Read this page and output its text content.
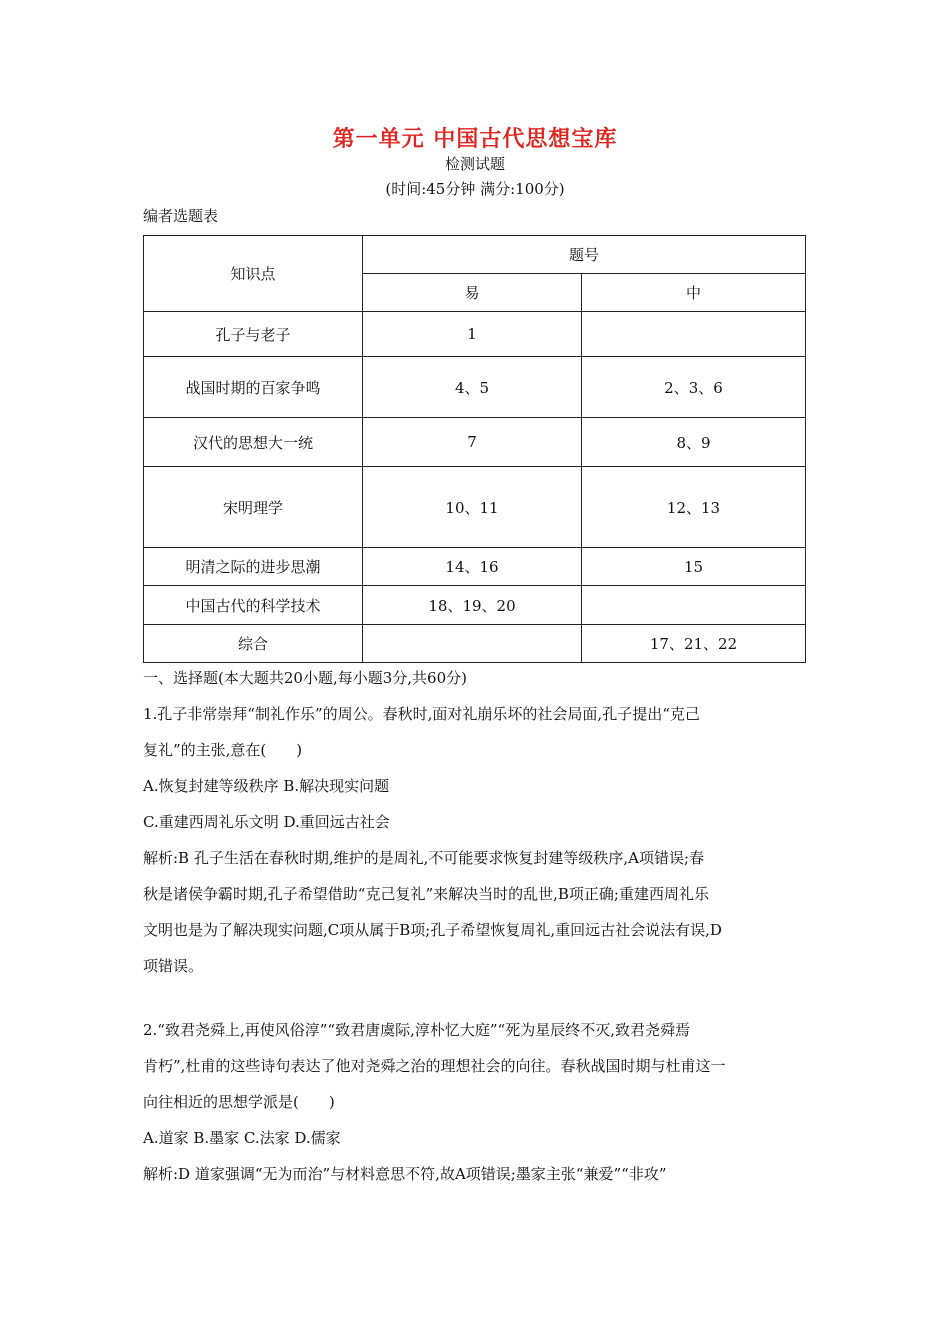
第一单元 中国古代思想宝库
检测试题
(时间:45分钟 满分:100分)
编者选题表
知识点	题号	
	易	中
孔子与老子	1	
战国时期的百家争鸣	4、5	2、3、6
汉代的思想大一统	7	8、9
宋明理学	10、11	12、13
明清之际的进步思潮	14、16	15
中国古代的科学技术	18、19、20	
综合		17、21、22
一、选择题(本大题共20小题,每小题3分,共60分)

1.孔子非常崇拜“制礼作乐”的周公。春秋时,面对礼崩乐坏的社会局面,孔子提出“克己

复礼”的主张,意在(　　)

A.恢复封建等级秩序 B.解决现实问题

C.重建西周礼乐文明 D.重回远古社会

解析:B 孔子生活在春秋时期,维护的是周礼,不可能要求恢复封建等级秩序,A项错误;春

秋是诸侯争霸时期,孔子希望借助“克己复礼”来解决当时的乱世,B项正确;重建西周礼乐

文明也是为了解决现实问题,C项从属于B项;孔子希望恢复周礼,重回远古社会说法有误,D

项错误。

2.“致君尧舜上,再使风俗淳”“致君唐虞际,淳朴忆大庭”“死为星辰终不灭,致君尧舜焉

肯朽”,杜甫的这些诗句表达了他对尧舜之治的理想社会的向往。春秋战国时期与杜甫这一

向往相近的思想学派是(　　)

A.道家 B.墨家 C.法家 D.儒家

解析:D 道家强调“无为而治”与材料意思不符,故A项错误;墨家主张“兼爱”“非攻”
